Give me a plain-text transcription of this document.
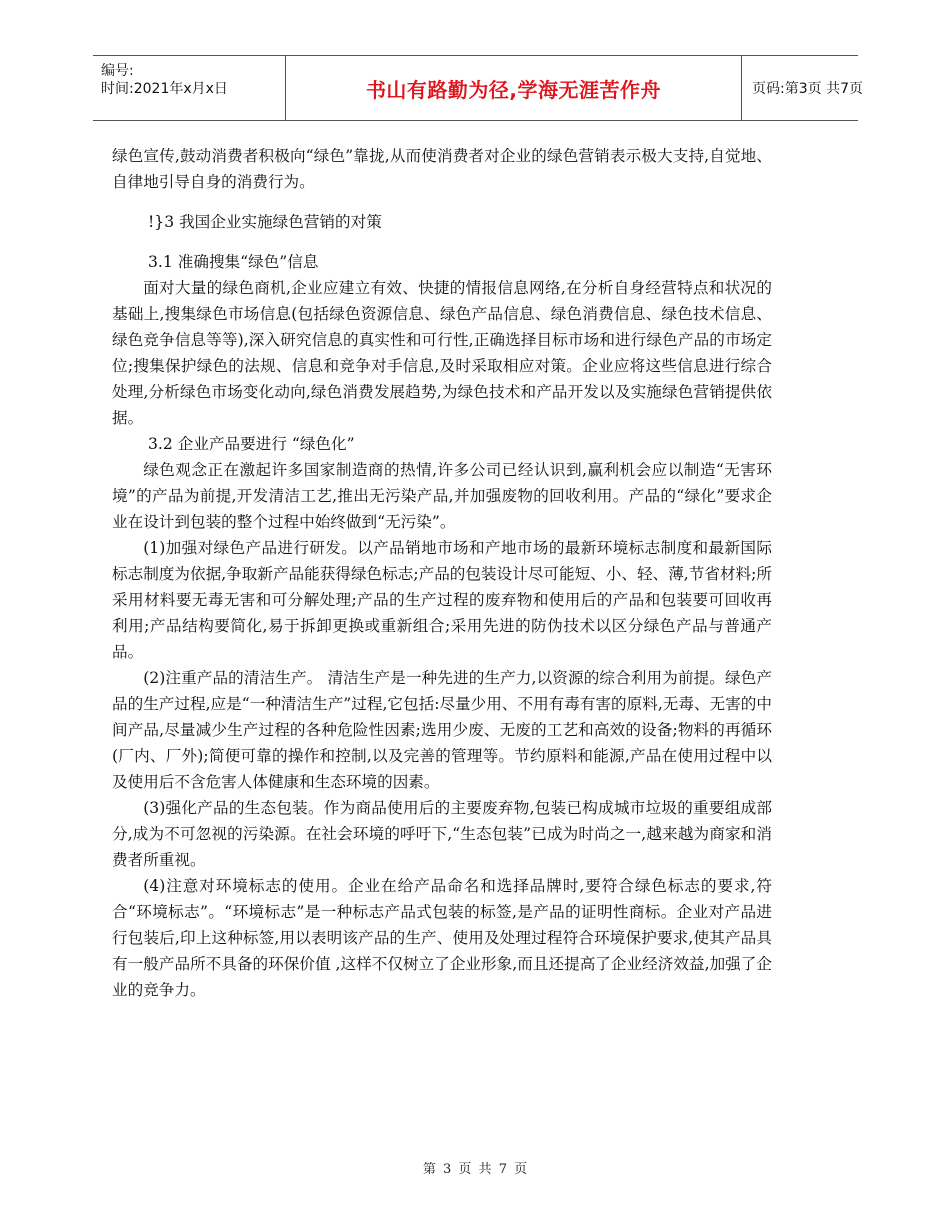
编号:
时间:2021年x月x日	书山有路勤为径,学海无涯苦作舟	页码:第3页 共7页

绿色宣传,鼓动消费者积极向“绿色”靠拢,从而使消费者对企业的绿色营销表示极大支持,自觉地、自律地引导自身的消费行为。

!}3 我国企业实施绿色营销的对策
3.1 准确搜集“绿色”信息

面对大量的绿色商机,企业应建立有效、快捷的情报信息网络,在分析自身经营特点和状况的基础上,搜集绿色市场信息(包括绿色资源信息、绿色产品信息、绿色消费信息、绿色技术信息、绿色竞争信息等等),深入研究信息的真实性和可行性,正确选择目标市场和进行绿色产品的市场定位;搜集保护绿色的法规、信息和竞争对手信息,及时采取相应对策。企业应将这些信息进行综合处理,分析绿色市场变化动向,绿色消费发展趋势,为绿色技术和产品开发以及实施绿色营销提供依据。

3.2 企业产品要进行 “绿色化”

绿色观念正在激起许多国家制造商的热情,许多公司已经认识到,赢利机会应以制造“无害环境”的产品为前提,开发清洁工艺,推出无污染产品,并加强废物的回收利用。产品的“绿化”要求企业在设计到包装的整个过程中始终做到“无污染”。

(1)加强对绿色产品进行研发。以产品销地市场和产地市场的最新环境标志制度和最新国际标志制度为依据,争取新产品能获得绿色标志;产品的包装设计尽可能短、小、轻、薄,节省材料;所采用材料要无毒无害和可分解处理;产品的生产过程的废弃物和使用后的产品和包装要可回收再利用;产品结构要简化,易于拆卸更换或重新组合;采用先进的防伪技术以区分绿色产品与普通产品。

(2)注重产品的清洁生产。 清洁生产是一种先进的生产力,以资源的综合利用为前提。绿色产品的生产过程,应是“一种清洁生产”过程,它包括:尽量少用、不用有毒有害的原料,无毒、无害的中间产品,尽量减少生产过程的各种危险性因素;选用少废、无废的工艺和高效的设备;物料的再循环(厂内、厂外);简便可靠的操作和控制,以及完善的管理等。节约原料和能源,产品在使用过程中以及使用后不含危害人体健康和生态环境的因素。

(3)强化产品的生态包装。作为商品使用后的主要废弃物,包装已构成城市垃圾的重要组成部分,成为不可忽视的污染源。在社会环境的呼吁下,“生态包装”已成为时尚之一,越来越为商家和消费者所重视。

(4)注意对环境标志的使用。企业在给产品命名和选择品牌时,要符合绿色标志的要求,符合“环境标志”。“环境标志”是一种标志产品式包装的标签,是产品的证明性商标。企业对产品进行包装后,印上这种标签,用以表明该产品的生产、使用及处理过程符合环境保护要求,使其产品具有一般产品所不具备的环保价值 ,这样不仅树立了企业形象,而且还提高了企业经济效益,加强了企业的竞争力。

第 3 页 共 7 页
